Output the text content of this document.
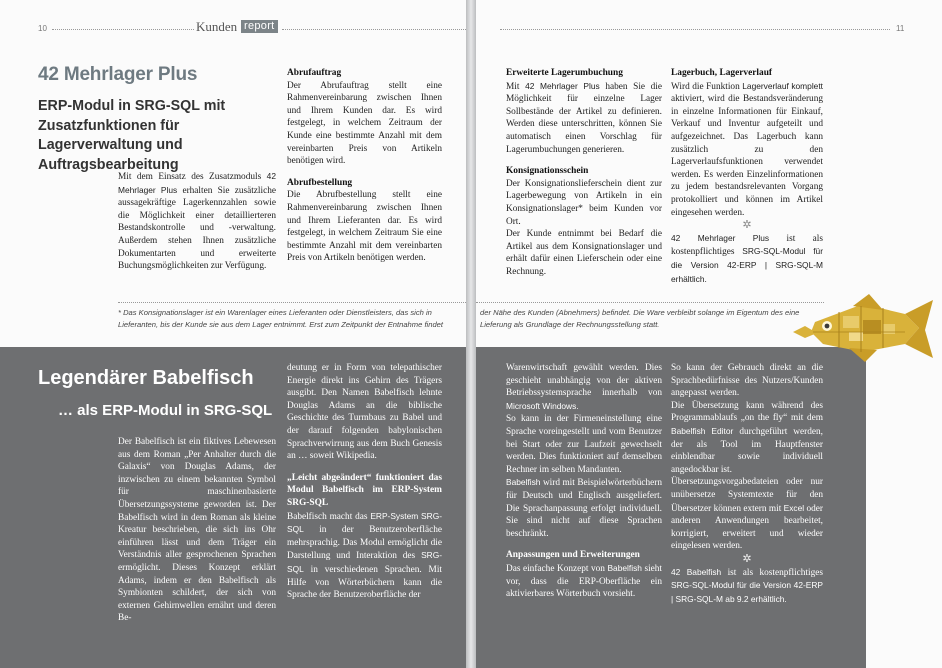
10	Kunden report
42 Mehrlager Plus
ERP-Modul in SRG-SQL mit Zusatzfunktionen für Lagerverwaltung und Auftragsbearbeitung

Mit dem Einsatz des Zusatzmoduls 42 Mehrlager Plus erhalten Sie zusätzliche aussagekräftige Lagerkennzahlen sowie die Möglichkeit einer detaillierteren Bestandskontrolle und -verwaltung. Außerdem stehen Ihnen zusätzliche Dokumentarten und erweiterte Buchungsmöglichkeiten zur Verfügung.

Abrufauftrag

Der Abrufauftrag stellt eine Rahmenvereinbarung zwischen Ihnen und Ihrem Kunden dar. Es wird festgelegt, in welchem Zeitraum der Kunde eine bestimmte Anzahl mit dem vereinbarten Preis von Artikeln benötigen wird.

Abrufbestellung

Die Abrufbestellung stellt eine Rahmenvereinbarung zwischen Ihnen und Ihrem Lieferanten dar. Es wird festgelegt, in welchem Zeitraum Sie eine bestimmte Anzahl mit dem vereinbarten Preis von Artikeln benötigen werden.

* Das Konsignationslager ist ein Warenlager eines Lieferanten oder Dienstleisters, das sich in Lieferanten, bis der Kunde sie aus dem Lager entnimmt. Erst zum Zeitpunkt der Entnahme findet

Legendärer Babelfisch
… als ERP-Modul in SRG-SQL

Der Babelfisch ist ein fiktives Lebewesen aus dem Roman „Per Anhalter durch die Galaxis“ von Douglas Adams, der inzwischen zu einem bekannten Symbol für maschinenbasierte Übersetzungssysteme geworden ist. Der Babelfisch wird in dem Roman als kleine Kreatur beschrieben, die sich ins Ohr einführen lässt und dem Träger ein Verständnis aller gesprochenen Sprachen ermöglicht. Dieses Konzept erklärt Adams, indem er den Babelfisch als Symbionten schildert, der sich von externen Gehirnwellen ernährt und deren Be-

deutung er in Form von telepathischer Energie direkt ins Gehirn des Trägers ausgibt. Den Namen Babelfisch lehnte Douglas Adams an die biblische Geschichte des Turmbaus zu Babel und der darauf folgenden babylonischen Sprachverwirrung aus dem Buch Genesis an … soweit Wikipedia.

„Leicht abgeändert“ funktioniert das Modul Babelfisch im ERP-System SRG-SQL

Babelfisch macht das ERP-System SRG-SQL in der Benutzeroberfläche mehrsprachig. Das Modul ermöglicht die Darstellung und Interaktion des SRG-SQL in verschiedenen Sprachen. Mit Hilfe von Wörterbüchern kann die Sprache der Benutzeroberfläche der

11

Erweiterte Lagerumbuchung

Mit 42 Mehrlager Plus haben Sie die Möglichkeit für einzelne Lager Sollbestände der Artikel zu definieren. Werden diese unterschritten, können Sie automatisch einen Vorschlag für Lagerumbuchungen generieren.

Konsignationsschein

Der Konsignationslieferschein dient zur Lagerbewegung von Artikeln in ein Konsignationslager* beim Kunden vor Ort.

Der Kunde entnimmt bei Bedarf die Artikel aus dem Konsignationslager und erhält dafür einen Lieferschein oder eine Rechnung.

Lagerbuch, Lagerverlauf

Wird die Funktion Lagerverlauf komplett aktiviert, wird die Bestandsveränderung in einzelne Informationen für Einkauf, Verkauf und Inventur aufgeteilt und aufgezeichnet. Das Lagerbuch kann zusätzlich zu den Lagerverlaufsfunktionen verwendet werden. Es werden Einzelinformationen zu jedem bestandsrelevanten Vorgang protokolliert und können im Artikel eingesehen werden.

✲

42 Mehrlager Plus ist als kostenpflichtiges SRG-SQL-Modul für die Version 42-ERP | SRG-SQL-M erhältlich.

der Nähe des Kunden (Abnehmers) befindet. Die Ware verbleibt solange im Eigentum des eine Lieferung als Grundlage der Rechnungsstellung statt.

Warenwirtschaft gewählt werden. Dies geschieht unabhängig von der aktiven Betriebssystemsprache innerhalb von Microsoft Windows.

So kann in der Firmeneinstellung eine Sprache voreingestellt und vom Benutzer bei Start oder zur Laufzeit gewechselt werden. Dies funktioniert auf demselben Rechner im selben Mandanten.

Babelfish wird mit Beispielwörterbüchern für Deutsch und Englisch ausgeliefert. Die Sprachanpassung erfolgt individuell. Sie sind nicht auf diese Sprachen beschränkt.

Anpassungen und Erweiterungen

Das einfache Konzept von Babelfish sieht vor, dass die ERP-Oberfläche ein aktivierbares Wörterbuch vorsieht.

So kann der Gebrauch direkt an die Sprachbedürfnisse des Nutzers/Kunden angepasst werden.

Die Übersetzung kann während des Programmablaufs „on the fly“ mit dem Babelfish Editor durchgeführt werden, der als Tool im Hauptfenster einblendbar sowie individuell angedockbar ist.

Übersetzungsvorgabedateien oder nur unübersetze Systemtexte für den Übersetzer können extern mit Excel oder anderen Anwendungen bearbeitet, korrigiert, erweitert und wieder eingelesen werden.

✲

42 Babelfish ist als kostenpflichtiges SRG-SQL-Modul für die Version 42-ERP | SRG-SQL-M ab 9.2 erhältlich.
